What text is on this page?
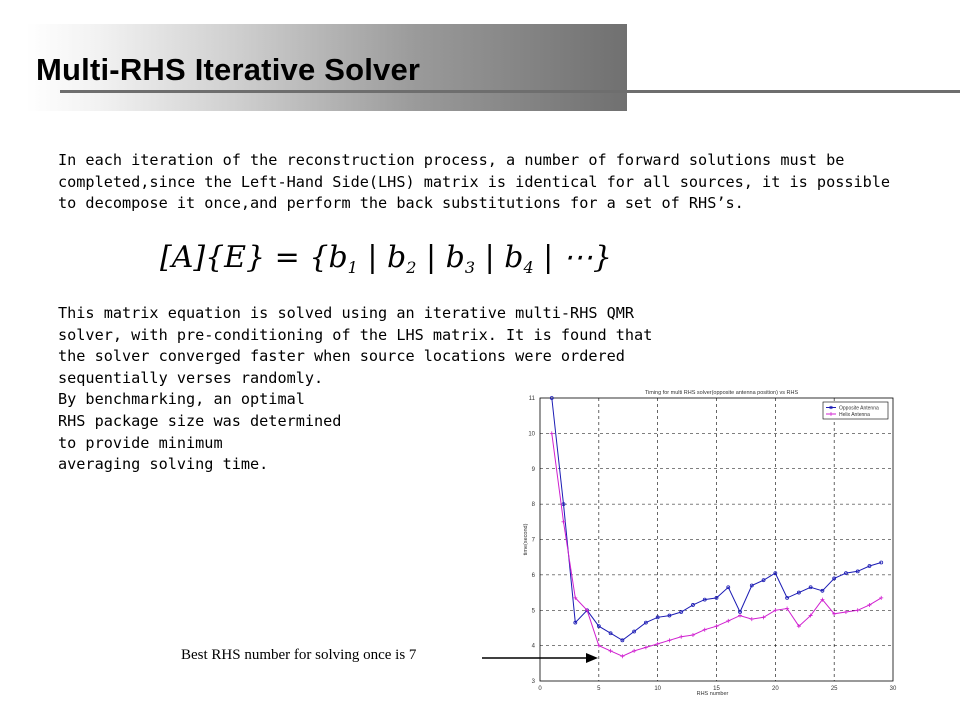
Multi-RHS Iterative Solver
In each iteration of the reconstruction process, a number of forward solutions must be
completed,since the Left-Hand Side(LHS) matrix is identical for all sources, it is possible
to decompose it once,and perform the back substitutions for a set of RHS’s.
$[A]\{E\} = \{b_1$ | $b_2$ | $b_3$ | $b_4$ | ⋯}
This matrix equation is solved using an iterative multi-RHS QMR
solver, with pre-conditioning of the LHS matrix. It is found that
the solver converged faster when source locations were ordered
sequentially verses randomly.
By benchmarking, an optimal
RHS package size was determined
to provide minimum
averaging solving time.
0	5	10	15	20	25	30
3
4
5
6
7
8
9
10
11
Timing for multi RHS solver(opposite antenna position) vs RHS
RHS number
time(second)
Opposite Antenna
Helix Antenna
Best RHS number for solving once is 7
